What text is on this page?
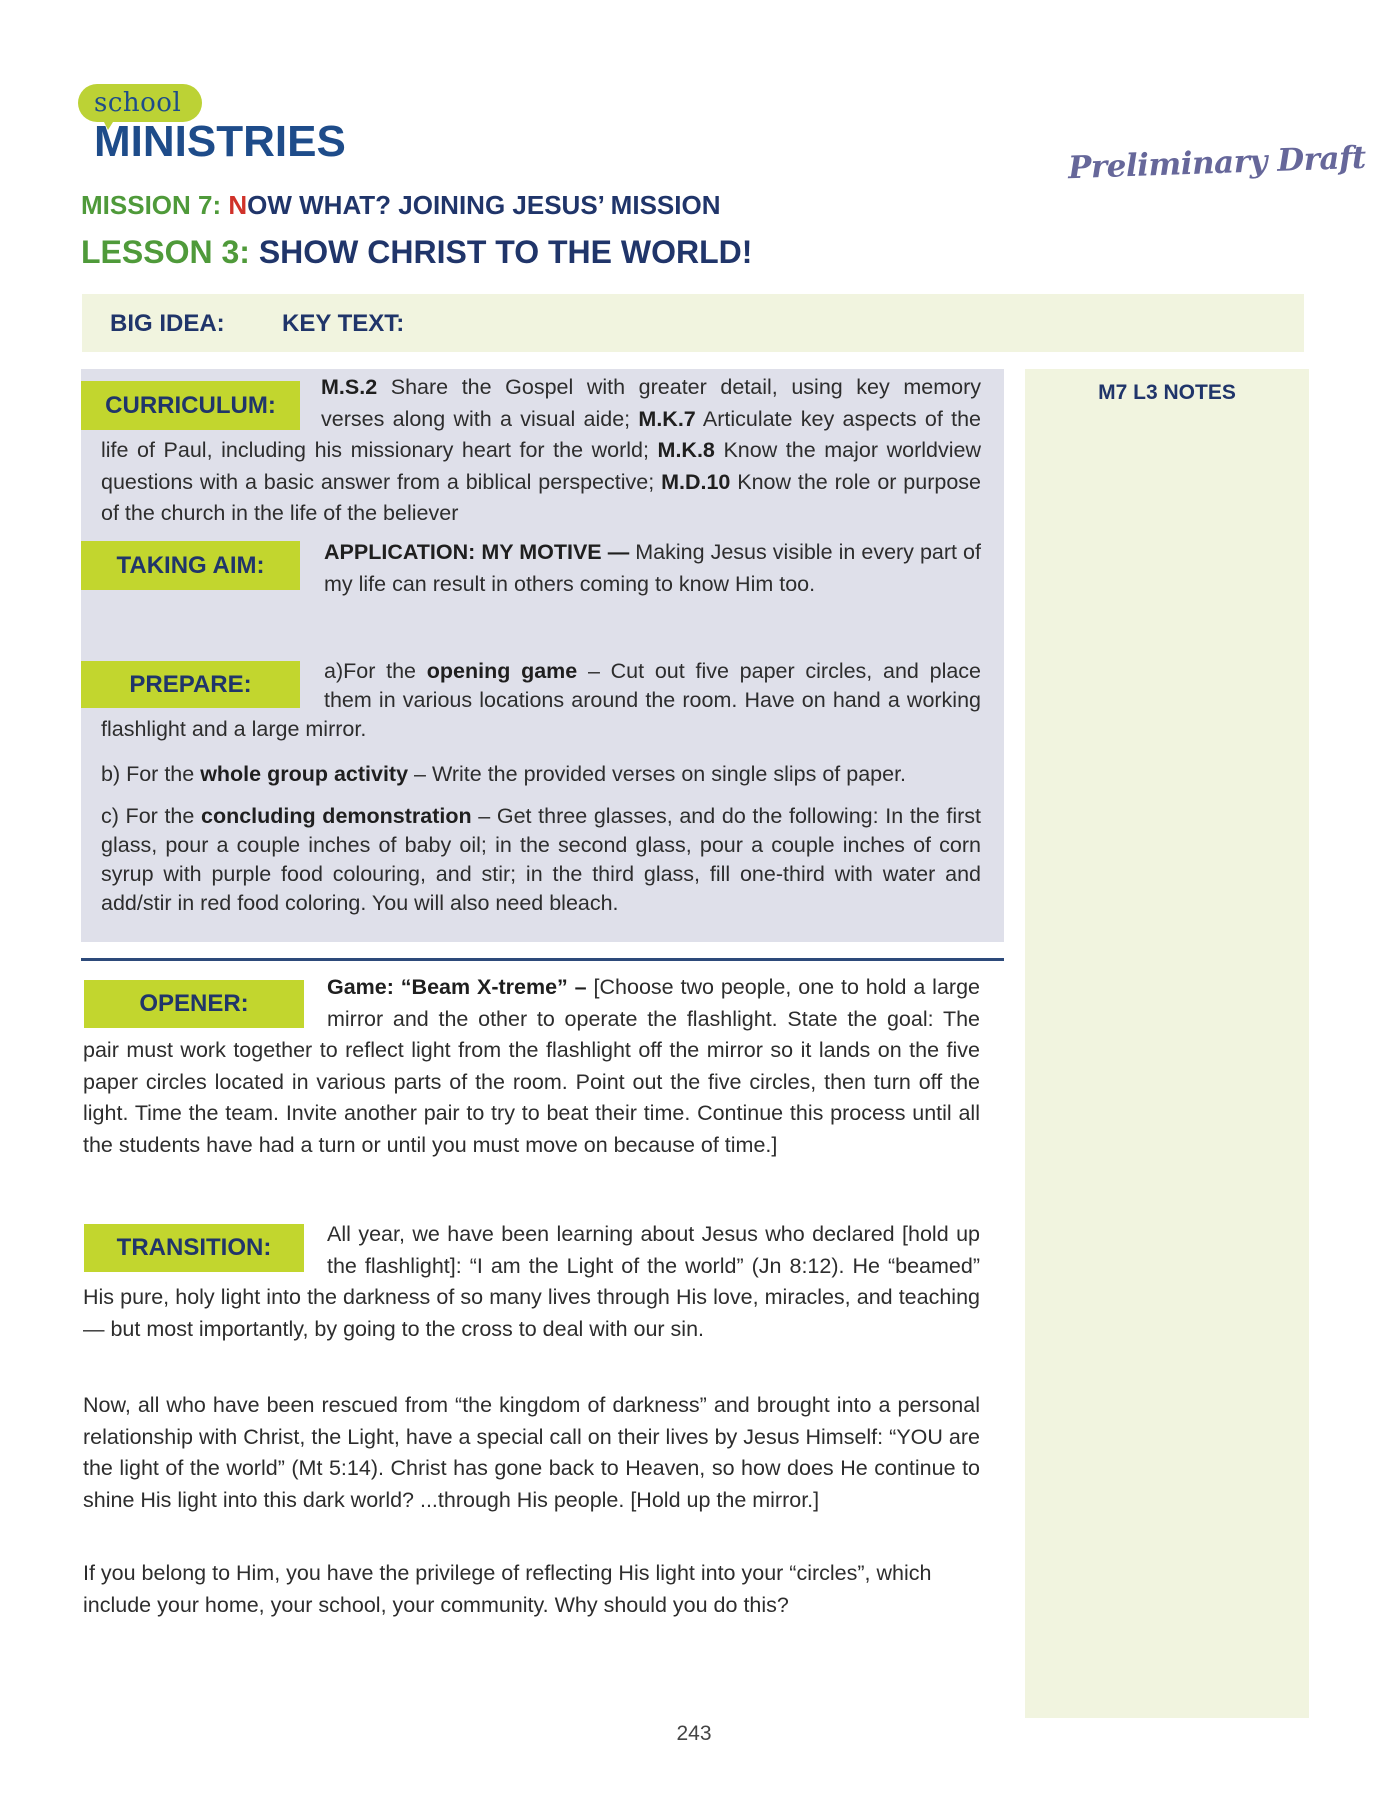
school
MINISTRIES	Preliminary Draft
MISSION 7: NOW WHAT? JOINING JESUS’ MISSION
LESSON 3: SHOW CHRIST TO THE WORLD!
BIG IDEA: KEY TEXT:
M7 L3 NOTES
CURRICULUM:
M.S.2 Share the Gospel with greater detail, using key memory verses along with a visual aide; M.K.7 Articulate key aspects of the life of Paul, including his missionary heart for the world; M.K.8 Know the major worldview questions with a basic answer from a biblical perspective; M.D.10 Know the role or purpose of the church in the life of the believer
TAKING AIM:	APPLICATION: MY MOTIVE — Making Jesus visible in every part of my life can result in others coming to know Him too.
PREPARE:	a)For the opening game – Cut out five paper circles, and place them in various locations around the room. Have on hand a working flashlight and a large mirror.
b) For the whole group activity – Write the provided verses on single slips of paper.
c) For the concluding demonstration – Get three glasses, and do the following: In the first glass, pour a couple inches of baby oil; in the second glass, pour a couple inches of corn syrup with purple food colouring, and stir; in the third glass, fill one-third with water and add/stir in red food coloring. You will also need bleach.
OPENER:
Game: “Beam X-treme” – [Choose two people, one to hold a large mirror and the other to operate the flashlight. State the goal: The pair must work together to reflect light from the flashlight off the mirror so it lands on the five paper circles located in various parts of the room. Point out the five circles, then turn off the light. Time the team. Invite another pair to try to beat their time. Continue this process until all the students have had a turn or until you must move on because of time.]
TRANSITION:	All year, we have been learning about Jesus who declared [hold up the flashlight]: “I am the Light of the world” (Jn 8:12). He “beamed” His pure, holy light into the darkness of so many lives through His love, miracles, and teaching — but most importantly, by going to the cross to deal with our sin.
Now, all who have been rescued from “the kingdom of darkness” and brought into a personal relationship with Christ, the Light, have a special call on their lives by Jesus Himself: “YOU are the light of the world” (Mt 5:14). Christ has gone back to Heaven, so how does He continue to shine His light into this dark world? ...through His people. [Hold up the mirror.]
If you belong to Him, you have the privilege of reflecting His light into your “circles”, which include your home, your school, your community. Why should you do this?
243
